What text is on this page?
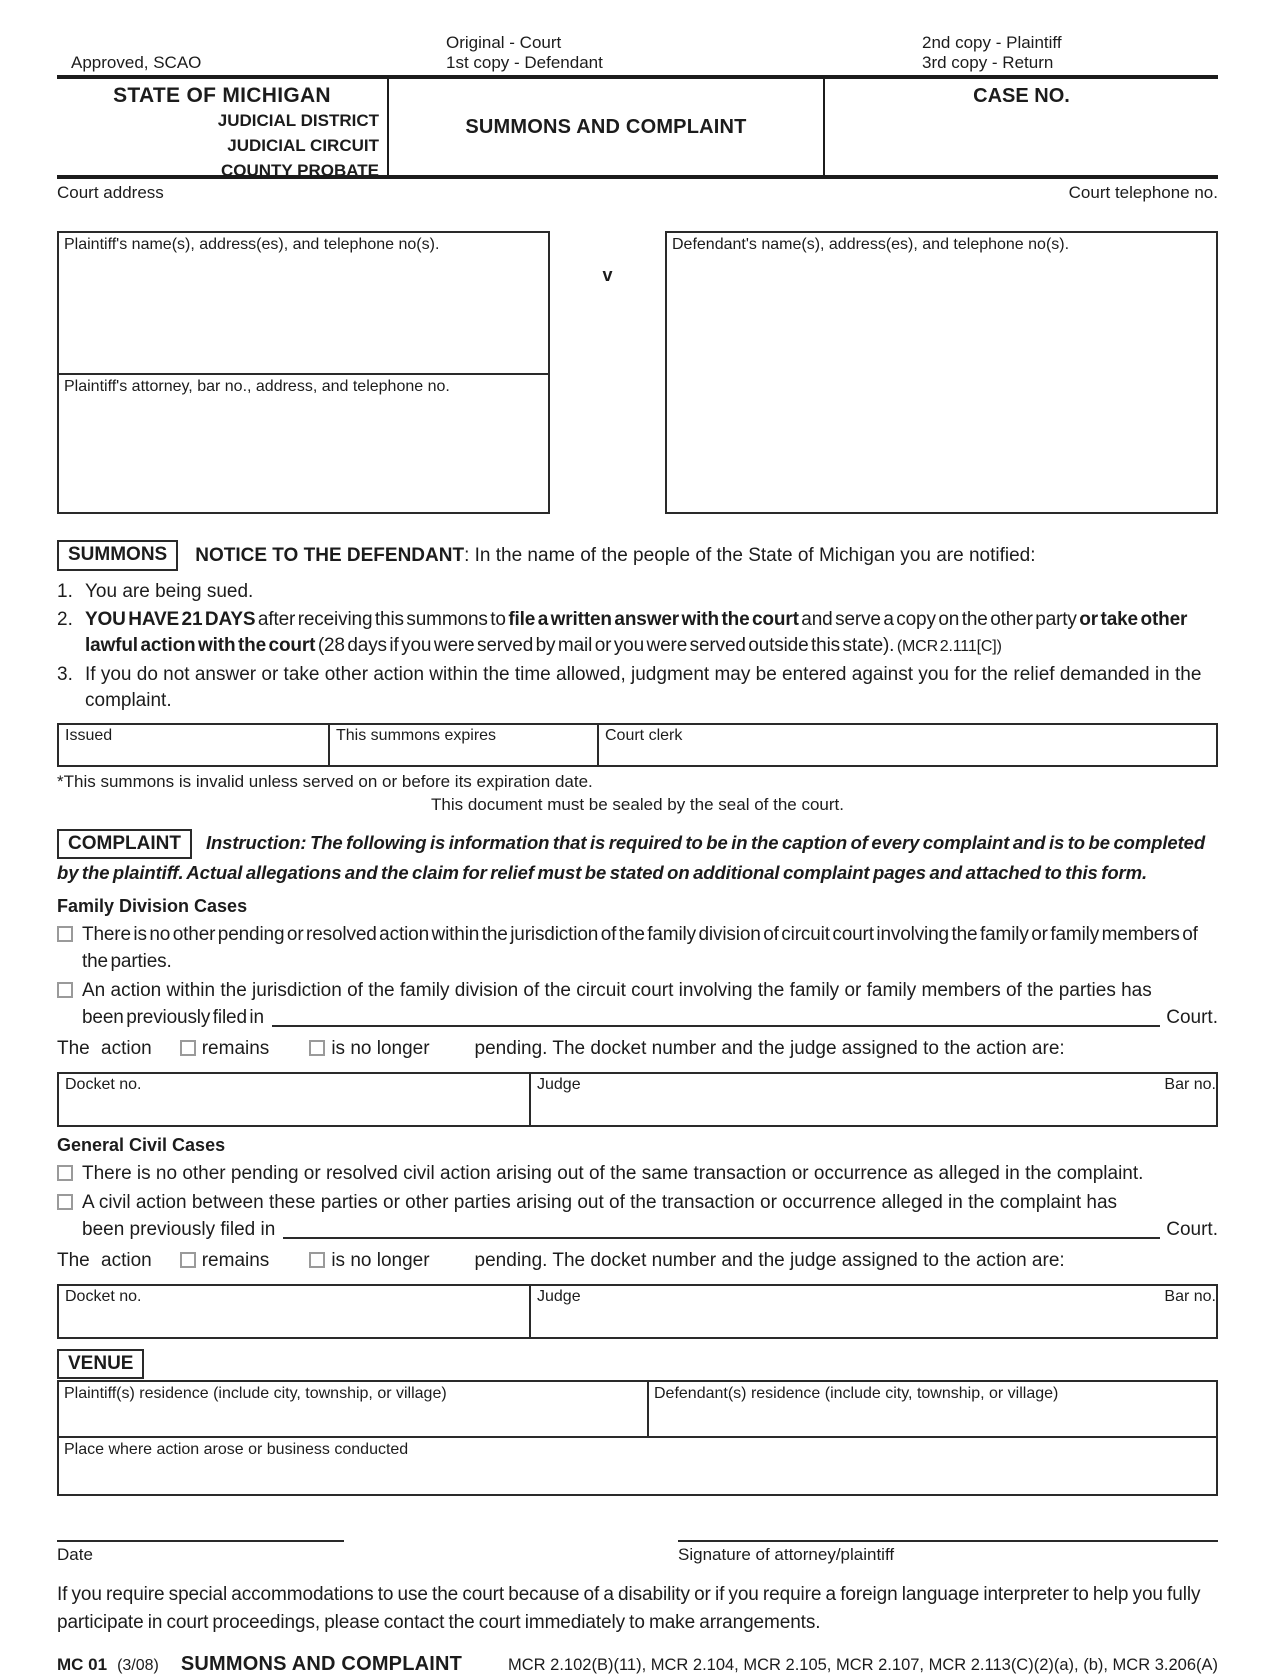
Approved, SCAO
Original - Court
1st copy - Defendant
2nd copy - Plaintiff
3rd copy - Return
STATE OF MICHIGAN
JUDICIAL DISTRICT
JUDICIAL CIRCUIT
COUNTY PROBATE
SUMMONS AND COMPLAINT
CASE NO.
Court address	Court telephone no.
Plaintiff's name(s), address(es), and telephone no(s).
Plaintiff's attorney, bar no., address, and telephone no.
v
Defendant's name(s), address(es), and telephone no(s).
SUMMONS	NOTICE TO THE DEFENDANT: In the name of the people of the State of Michigan you are notified:
1. You are being sued.
2. YOU HAVE 21 DAYS after receiving this summons to file a written answer with the court and serve a copy on the other party or take other lawful action with the court (28 days if you were served by mail or you were served outside this state). (MCR 2.111[C])
3. If you do not answer or take other action within the time allowed, judgment may be entered against you for the relief demanded in the complaint.
Issued	This summons expires	Court clerk
*This summons is invalid unless served on or before its expiration date.
This document must be sealed by the seal of the court.
COMPLAINT Instruction: The following is information that is required to be in the caption of every complaint and is to be completed by the plaintiff. Actual allegations and the claim for relief must be stated on additional complaint pages and attached to this form.
Family Division Cases
There is no other pending or resolved action within the jurisdiction of the family division of circuit court involving the family or family members of the parties.
An action within the jurisdiction of the family division of the circuit court involving the family or family members of the parties has
been previously filed in	Court.
The action	remains	is no longer pending. The docket number and the judge assigned to the action are:
Docket no.	Judge	Bar no.
General Civil Cases
There is no other pending or resolved civil action arising out of the same transaction or occurrence as alleged in the complaint.
A civil action between these parties or other parties arising out of the transaction or occurrence alleged in the complaint has
been previously filed in	Court.
The action	remains	is no longer pending. The docket number and the judge assigned to the action are:
Docket no.	Judge	Bar no.
VENUE
Plaintiff(s) residence (include city, township, or village)	Defendant(s) residence (include city, township, or village)
Place where action arose or business conducted
Date	Signature of attorney/plaintiff
If you require special accommodations to use the court because of a disability or if you require a foreign language interpreter to help you fully participate in court proceedings, please contact the court immediately to make arrangements.
MC 01 (3/08) SUMMONS AND COMPLAINT	MCR 2.102(B)(11), MCR 2.104, MCR 2.105, MCR 2.107, MCR 2.113(C)(2)(a), (b), MCR 3.206(A)
